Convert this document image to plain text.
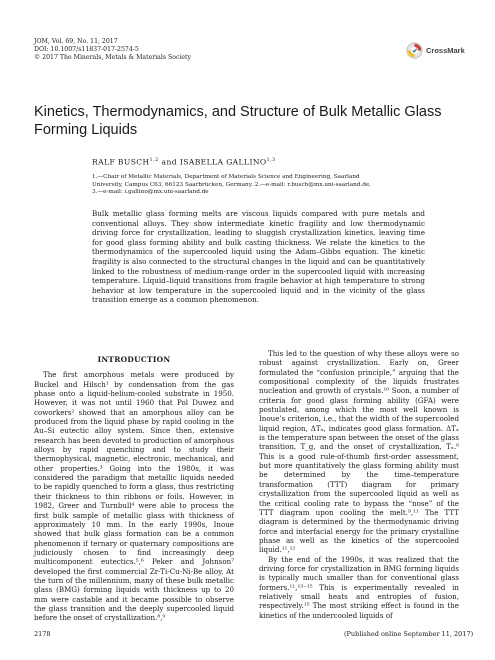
JOM, Vol. 69, No. 11, 2017
DOI: 10.1007/s11837-017-2574-5
© 2017 The Minerals, Metals & Materials Society
CrossMark
Kinetics, Thermodynamics, and Structure of Bulk Metallic Glass Forming Liquids
RALF BUSCH$^{1,2}$ and ISABELLA GALLINO$^{1,3}$
1.—Chair of Metallic Materials, Department of Materials Science and Engineering, Saarland
University, Campus C63, 66123 Saarbrücken, Germany. 2.—e-mail: r.busch@mx.uni-saarland.de.
3.—e-mail: i.gallino@mx.uni-saarland.de
Bulk metallic glass forming melts are viscous liquids compared with pure metals and conventional alloys. They show intermediate kinetic fragility and low thermodynamic driving force for crystallization, leading to sluggish crystallization kinetics, leaving time for good glass forming ability and bulk casting thickness. We relate the kinetics to the thermodynamics of the supercooled liquid using the Adam–Gibbs equation. The kinetic fragility is also connected to the structural changes in the liquid and can be quantitatively linked to the robustness of medium-range order in the supercooled liquid with increasing temperature. Liquid–liquid transitions from fragile behavior at high temperature to strong behavior at low temperature in the supercooled liquid and in the vicinity of the glass transition emerge as a common phenomenon.
INTRODUCTION

The first amorphous metals were produced by Buckel and Hilsch¹ by condensation from the gas phase onto a liquid-helium-cooled substrate in 1950. However, it was not until 1960 that Pol Duwez and coworkers² showed that an amorphous alloy can be produced from the liquid phase by rapid cooling in the Au–Si eutectic alloy system. Since then, extensive research has been devoted to production of amorphous alloys by rapid quenching and to study their thermophysical, magnetic, electronic, mechanical, and other properties.³ Going into the 1980s, it was considered the paradigm that metallic liquids needed to be rapidly quenched to form a glass, thus restricting their thickness to thin ribbons or foils. However, in 1982, Greer and Turnbull⁴ were able to process the first bulk sample of metallic glass with thickness of approximately 10 mm. In the early 1990s, Inoue showed that bulk glass formation can be a common phenomenon if ternary or quaternary compositions are judiciously chosen to find increasingly deep multicomponent eutectics.⁵,⁶ Peker and Johnson⁷ developed the first commercial Zr-Ti-Cu-Ni-Be alloy. At the turn of the millennium, many of these bulk metallic glass (BMG) forming liquids with thickness up to 20 mm were castable and it became possible to observe the glass transition and the deeply supercooled liquid before the onset of crystallization.⁸,⁹

This led to the question of why these alloys were so robust against crystallization. Early on, Greer formulated the “confusion principle,” arguing that the compositional complexity of the liquids frustrates nucleation and growth of crystals.¹⁰ Soon, a number of criteria for good glass forming ability (GFA) were postulated, among which the most well known is Inoue’s criterion, i.e., that the width of the supercooled liquid region, ΔTₓ, indicates good glass formation. ΔTₓ is the temperature span between the onset of the glass transition, T_g, and the onset of crystallization, Tₓ.⁸ This is a good rule-of-thumb first-order assessment, but more quantitatively the glass forming ability must be determined by the time–temperature transformation (TTT) diagram for primary crystallization from the supercooled liquid as well as the critical cooling rate to bypass the “nose” of the TTT diagram upon cooling the melt.⁹,¹¹ The TTT diagram is determined by the thermodynamic driving force and interfacial energy for the primary crystalline phase as well as the kinetics of the supercooled liquid.¹¹,¹²

By the end of the 1990s, it was realized that the driving force for crystallization in BMG forming liquids is typically much smaller than for conventional glass formers.¹¹,¹³⁻¹⁵ This is experimentally revealed in relatively small heats and entropies of fusion, respectively.¹⁵ The most striking effect is found in the kinetics of the undercooled liquids of

2178	(Published online September 11, 2017)
